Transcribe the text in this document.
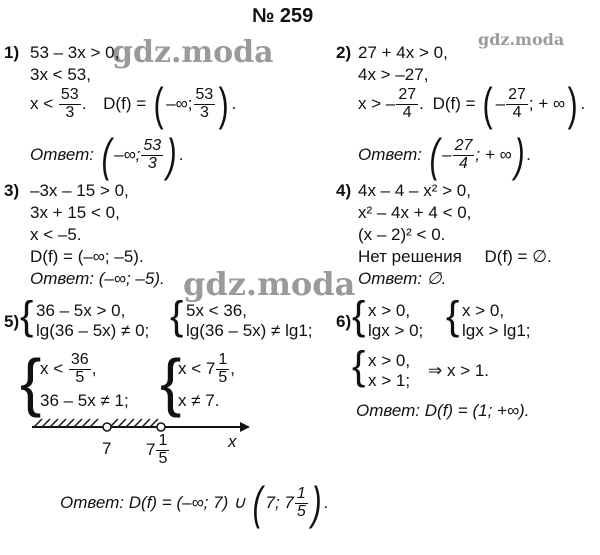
№ 259
gdz.moda	gdz.moda
gdz.moda
1) 53 – 3x > 0,
3x < 53,
$x < \frac{53}{3}$ . D(f) = ( –∞; $\frac{53}{3}$ ) .
Ответ: ( –∞; $\frac{53}{3}$ ) .
2) 27 + 4x > 0,
4x > –27,
x > – $\frac{27}{4}$ . D(f) = ( – $\frac{27}{4}$ ; + ∞) .
Ответ: ( – $\frac{27}{4}$ ; + ∞) .
3) –3x – 15 > 0,
3x + 15 < 0,
x < –5.
D(f) = (–∞; –5).
Ответ: (–∞; –5).
4) 4x – 4 – x² > 0,
x² – 4x + 4 < 0,
(x – 2)² < 0.
Нет решения D(f) = ∅.
Ответ: ∅.
5) { 36 – 5x > 0,
lg(36 – 5x) ≠ 0; { 5x < 36,
lg(36 – 5x) ≠ lg1;
{
$x < \frac{36}{5}$ ,
36 – 5x ≠ 1; {
$x < 7 \frac{1}{5}$ ,
x ≠ 7.
x
7 $7 \frac{1}{5}$
Ответ: D(f) = (–∞; 7) ∪ ( 7; $7 \frac{1}{5}$ ) .
6) { x > 0,
lgx > 0; { x > 0,
lgx > lg1;
{ x > 0,
x > 1;
⇒ x > 1.
Ответ: D(f) = (1; +∞).
